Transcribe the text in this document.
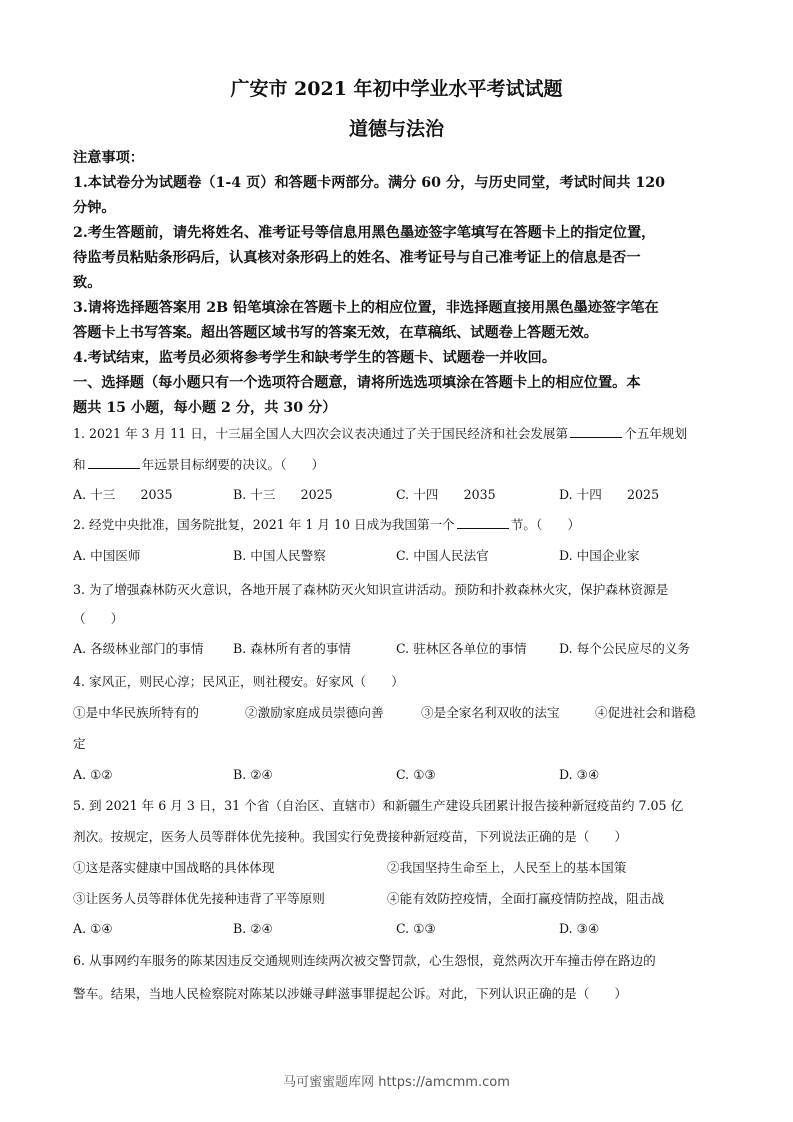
广安市 2021 年初中学业水平考试试题
道德与法治
注意事项：
1.本试卷分为试题卷（1-4 页）和答题卡两部分。满分 60 分，与历史同堂，考试时间共 120
分钟。
2.考生答题前，请先将姓名、准考证号等信息用黑色墨迹签字笔填写在答题卡上的指定位置，
待监考员粘贴条形码后，认真核对条形码上的姓名、准考证号与自己准考证上的信息是否一
致。
3.请将选择题答案用 2B 铅笔填涂在答题卡上的相应位置，非选择题直接用黑色墨迹签字笔在
答题卡上书写答案。超出答题区域书写的答案无效，在草稿纸、试题卷上答题无效。
4.考试结束，监考员必须将参考学生和缺考学生的答题卡、试题卷一并收回。
一、选择题（每小题只有一个选项符合题意，请将所选选项填涂在答题卡上的相应位置。本
题共 15 小题，每小题 2 分，共 30 分）
1. 2021 年 3 月 11 日，十三届全国人大四次会议表决通过了关于国民经济和社会发展第	个五年规划
和	年远景目标纲要的决议。（　　）
A. 十三　　2035	B. 十三　　2025	C. 十四　　2035	D. 十四　　2025
2. 经党中央批准，国务院批复，2021 年 1 月 10 日成为我国第一个	节。（　　）
A. 中国医师	B. 中国人民警察	C. 中国人民法官	D. 中国企业家
3. 为了增强森林防灭火意识，各地开展了森林防灭火知识宣讲活动。预防和扑救森林火灾，保护森林资源是
（　　）
A. 各级林业部门的事情 B. 森林所有者的事情	C. 驻林区各单位的事情	D. 每个公民应尽的义务
4. 家风正，则民心淳；民风正，则社稷安。好家风（　　）
①是中华民族所特有的	②激励家庭成员崇德向善	③是全家名利双收的法宝	④促进社会和谐稳
定
A. ①②	B. ②④	C. ①③	D. ③④
5. 到 2021 年 6 月 3 日，31 个省（自治区、直辖市）和新疆生产建设兵团累计报告接种新冠疫苗约 7.05 亿
剂次。按规定，医务人员等群体优先接种。我国实行免费接种新冠疫苗，下列说法正确的是（　　）
①这是落实健康中国战略的具体体现	②我国坚持生命至上，人民至上的基本国策
③让医务人员等群体优先接种违背了平等原则	④能有效防控疫情，全面打赢疫情防控战，阻击战
A. ①④	B. ②④	C. ①③	D. ③④
6. 从事网约车服务的陈某因违反交通规则连续两次被交警罚款，心生怨恨，竟然两次开车撞击停在路边的
警车。结果，当地人民检察院对陈某以涉嫌寻衅滋事罪提起公诉。对此，下列认识正确的是（　　）
马可蜜蜜题库网 https://amcmm.com
